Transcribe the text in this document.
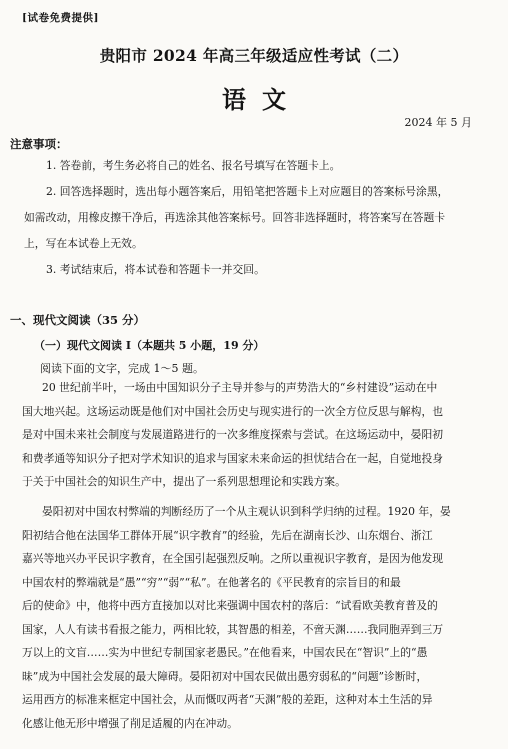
[试卷免费提供]
贵阳市 2024 年高三年级适应性考试（二）
语文
2024 年 5 月
注意事项：
1. 答卷前，考生务必将自己的姓名、报名号填写在答题卡上。
2. 回答选择题时，选出每小题答案后，用铅笔把答题卡上对应题目的答案标号涂黑，
如需改动，用橡皮擦干净后，再选涂其他答案标号。回答非选择题时，将答案写在答题卡
上，写在本试卷上无效。
3. 考试结束后，将本试卷和答题卡一并交回。
一、现代文阅读（35 分）
（一）现代文阅读 I（本题共 5 小题，19 分）
阅读下面的文字，完成 1～5 题。
20 世纪前半叶，一场由中国知识分子主导并参与的声势浩大的“乡村建设”运动在中
国大地兴起。这场运动既是他们对中国社会历史与现实进行的一次全方位反思与解构，也
是对中国未来社会制度与发展道路进行的一次多维度探索与尝试。在这场运动中，晏阳初
和费孝通等知识分子把对学术知识的追求与国家未来命运的担忧结合在一起，自觉地投身
于关于中国社会的知识生产中，提出了一系列思想理论和实践方案。
晏阳初对中国农村弊端的判断经历了一个从主观认识到科学归纳的过程。1920 年，晏
阳初结合他在法国华工群体开展“识字教育”的经验，先后在湖南长沙、山东烟台、浙江
嘉兴等地兴办平民识字教育，在全国引起强烈反响。之所以重视识字教育，是因为他发现
中国农村的弊端就是“愚”“穷”“弱”“私”。在他著名的《平民教育的宗旨目的和最
后的使命》中，他将中西方直接加以对比来强调中国农村的落后：“试看欧美教育普及的
国家，人人有读书看报之能力，两相比较，其智愚的相差，不啻天渊……我同胞弄到三万
万以上的文盲……实为中世纪专制国家老愚民。”在他看来，中国农民在“智识”上的“愚
昧”成为中国社会发展的最大障碍。晏阳初对中国农民做出愚穷弱私的“问题”诊断时，
运用西方的标准来框定中国社会，从而慨叹两者“天渊”般的差距，这种对本土生活的异
化感让他无形中增强了削足适履的内在冲动。
